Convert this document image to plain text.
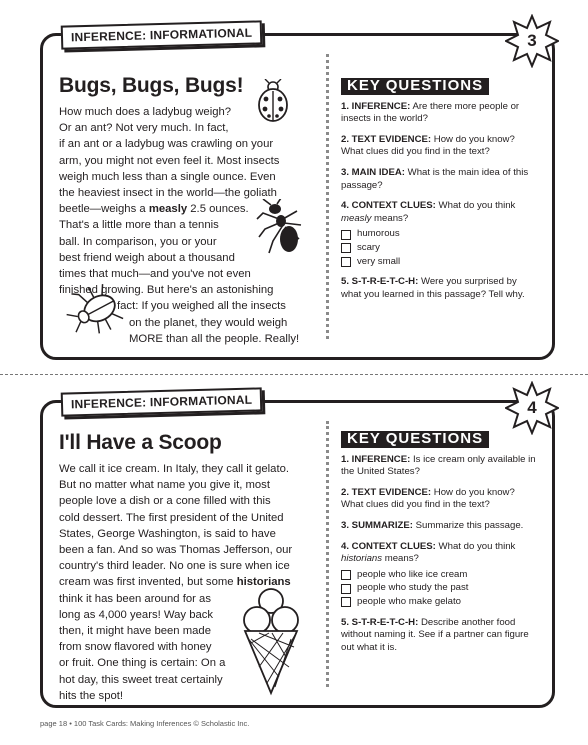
INFERENCE: INFORMATIONAL	3
Bugs, Bugs, Bugs!

How much does a ladybug weigh?

Or an ant? Not very much. In fact,

if an ant or a ladybug was crawling on your

arm, you might not even feel it. Most insects

weigh much less than a single ounce. Even

the heaviest insect in the world—the goliath

beetle—weighs a measly 2.5 ounces.

That's a little more than a tennis

ball. In comparison, you or your

best friend weigh about a thousand

times that much—and you've not even

finished growing. But here's an astonishing

fact: If you weighed all the insects

on the planet, they would weigh

MORE than all the people. Really!

KEY QUESTIONS
1. INFERENCE: Are there more people or insects in the world?
2. TEXT EVIDENCE: How do you know? What clues did you find in the text?
3. MAIN IDEA: What is the main idea of this passage?
4. CONTEXT CLUES: What do you think measly means?
humorous
scary
very small
5. S-T-R-E-T-C-H: Were you surprised by what you learned in this passage? Tell why.
INFERENCE: INFORMATIONAL	4
I'll Have a Scoop

We call it ice cream. In Italy, they call it gelato.

But no matter what name you give it, most

people love a dish or a cone filled with this

cold dessert. The first president of the United

States, George Washington, is said to have

been a fan. And so was Thomas Jefferson, our

country's third leader. No one is sure when ice

cream was first invented, but some historians

think it has been around for as

long as 4,000 years! Way back

then, it might have been made

from snow flavored with honey

or fruit. One thing is certain: On a

hot day, this sweet treat certainly

hits the spot!

KEY QUESTIONS
1. INFERENCE: Is ice cream only available in the United States?
2. TEXT EVIDENCE: How do you know? What clues did you find in the text?
3. SUMMARIZE: Summarize this passage.
4. CONTEXT CLUES: What do you think historians means?
people who like ice cream
people who study the past
people who make gelato
5. S-T-R-E-T-C-H: Describe another food without naming it. See if a partner can figure out what it is.
page 18 • 100 Task Cards: Making Inferences © Scholastic Inc.
